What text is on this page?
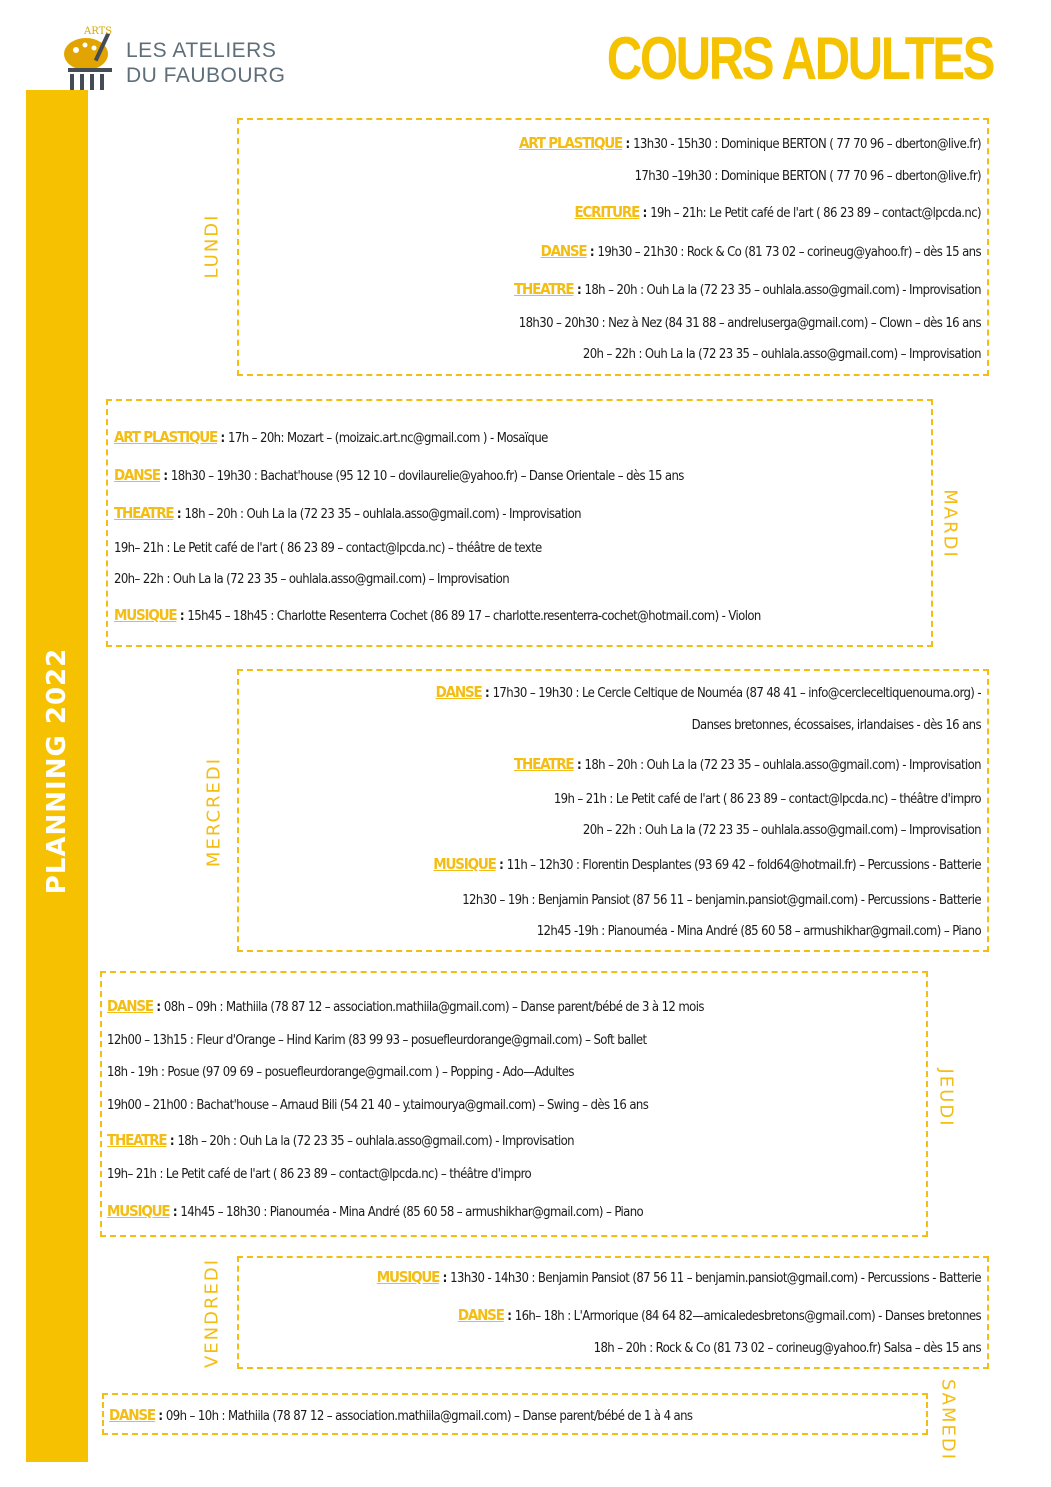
ARTS
LES ATELIERS
DU FAUBOURG	COURS ADULTES
PLANNING 2022
LUNDI
ART PLASTIQUE : 13h30 - 15h30 : Dominique BERTON ( 77 70 96 – dberton@live.fr)
17h30 –19h30 : Dominique BERTON ( 77 70 96 – dberton@live.fr)
ECRITURE : 19h – 21h: Le Petit café de l'art ( 86 23 89 – contact@lpcda.nc)
DANSE : 19h30 – 21h30 : Rock & Co (81 73 02 – corineug@yahoo.fr) – dès 15 ans
THEATRE : 18h – 20h : Ouh La la (72 23 35 – ouhlala.asso@gmail.com) - Improvisation
18h30 – 20h30 : Nez à Nez (84 31 88 – andreluserga@gmail.com) – Clown – dès 16 ans
20h – 22h : Ouh La la (72 23 35 – ouhlala.asso@gmail.com) – Improvisation
MARDI
ART PLASTIQUE : 17h – 20h: Mozart – (moizaic.art.nc@gmail.com ) - Mosaïque
DANSE : 18h30 – 19h30 : Bachat'house (95 12 10 – dovilaurelie@yahoo.fr) – Danse Orientale – dès 15 ans
THEATRE : 18h – 20h : Ouh La la (72 23 35 – ouhlala.asso@gmail.com) - Improvisation
19h– 21h : Le Petit café de l'art ( 86 23 89 – contact@lpcda.nc) – théâtre de texte
20h– 22h : Ouh La la (72 23 35 – ouhlala.asso@gmail.com) – Improvisation
MUSIQUE : 15h45 – 18h45 : Charlotte Resenterra Cochet (86 89 17 – charlotte.resenterra-cochet@hotmail.com) - Violon
MERCREDI
DANSE : 17h30 – 19h30 : Le Cercle Celtique de Nouméa (87 48 41 – info@cercleceltiquenouma.org) -
Danses bretonnes, écossaises, irlandaises - dès 16 ans
THEATRE : 18h – 20h : Ouh La la (72 23 35 – ouhlala.asso@gmail.com) - Improvisation
19h – 21h : Le Petit café de l'art ( 86 23 89 – contact@lpcda.nc) – théâtre d'impro
20h – 22h : Ouh La la (72 23 35 – ouhlala.asso@gmail.com) – Improvisation
MUSIQUE : 11h – 12h30 : Florentin Desplantes (93 69 42 – fold64@hotmail.fr) – Percussions - Batterie
12h30 – 19h : Benjamin Pansiot (87 56 11 – benjamin.pansiot@gmail.com) - Percussions - Batterie
12h45 -19h : Pianouméa - Mina André (85 60 58 – armushikhar@gmail.com) – Piano
JEUDI
DANSE : 08h – 09h : Mathiila (78 87 12 – association.mathiila@gmail.com) – Danse parent/bébé de 3 à 12 mois
12h00 – 13h15 : Fleur d'Orange – Hind Karim (83 99 93 – posuefleurdorange@gmail.com) – Soft ballet
18h - 19h : Posue (97 09 69 – posuefleurdorange@gmail.com ) – Popping - Ado—Adultes
19h00 – 21h00 : Bachat'house – Arnaud Bili (54 21 40 – y.taimourya@gmail.com) – Swing – dès 16 ans
THEATRE : 18h – 20h : Ouh La la (72 23 35 – ouhlala.asso@gmail.com) - Improvisation
19h– 21h : Le Petit café de l'art ( 86 23 89 – contact@lpcda.nc) – théâtre d'impro
MUSIQUE : 14h45 – 18h30 : Pianouméa - Mina André (85 60 58 – armushikhar@gmail.com) – Piano
VENDREDI	MUSIQUE : 13h30 - 14h30 : Benjamin Pansiot (87 56 11 – benjamin.pansiot@gmail.com) - Percussions - Batterie
DANSE : 16h– 18h : L'Armorique (84 64 82—amicaledesbretons@gmail.com) - Danses bretonnes
18h – 20h : Rock & Co (81 73 02 – corineug@yahoo.fr) Salsa – dès 15 ans
SAMEDI
DANSE : 09h – 10h : Mathiila (78 87 12 – association.mathiila@gmail.com) – Danse parent/bébé de 1 à 4 ans
